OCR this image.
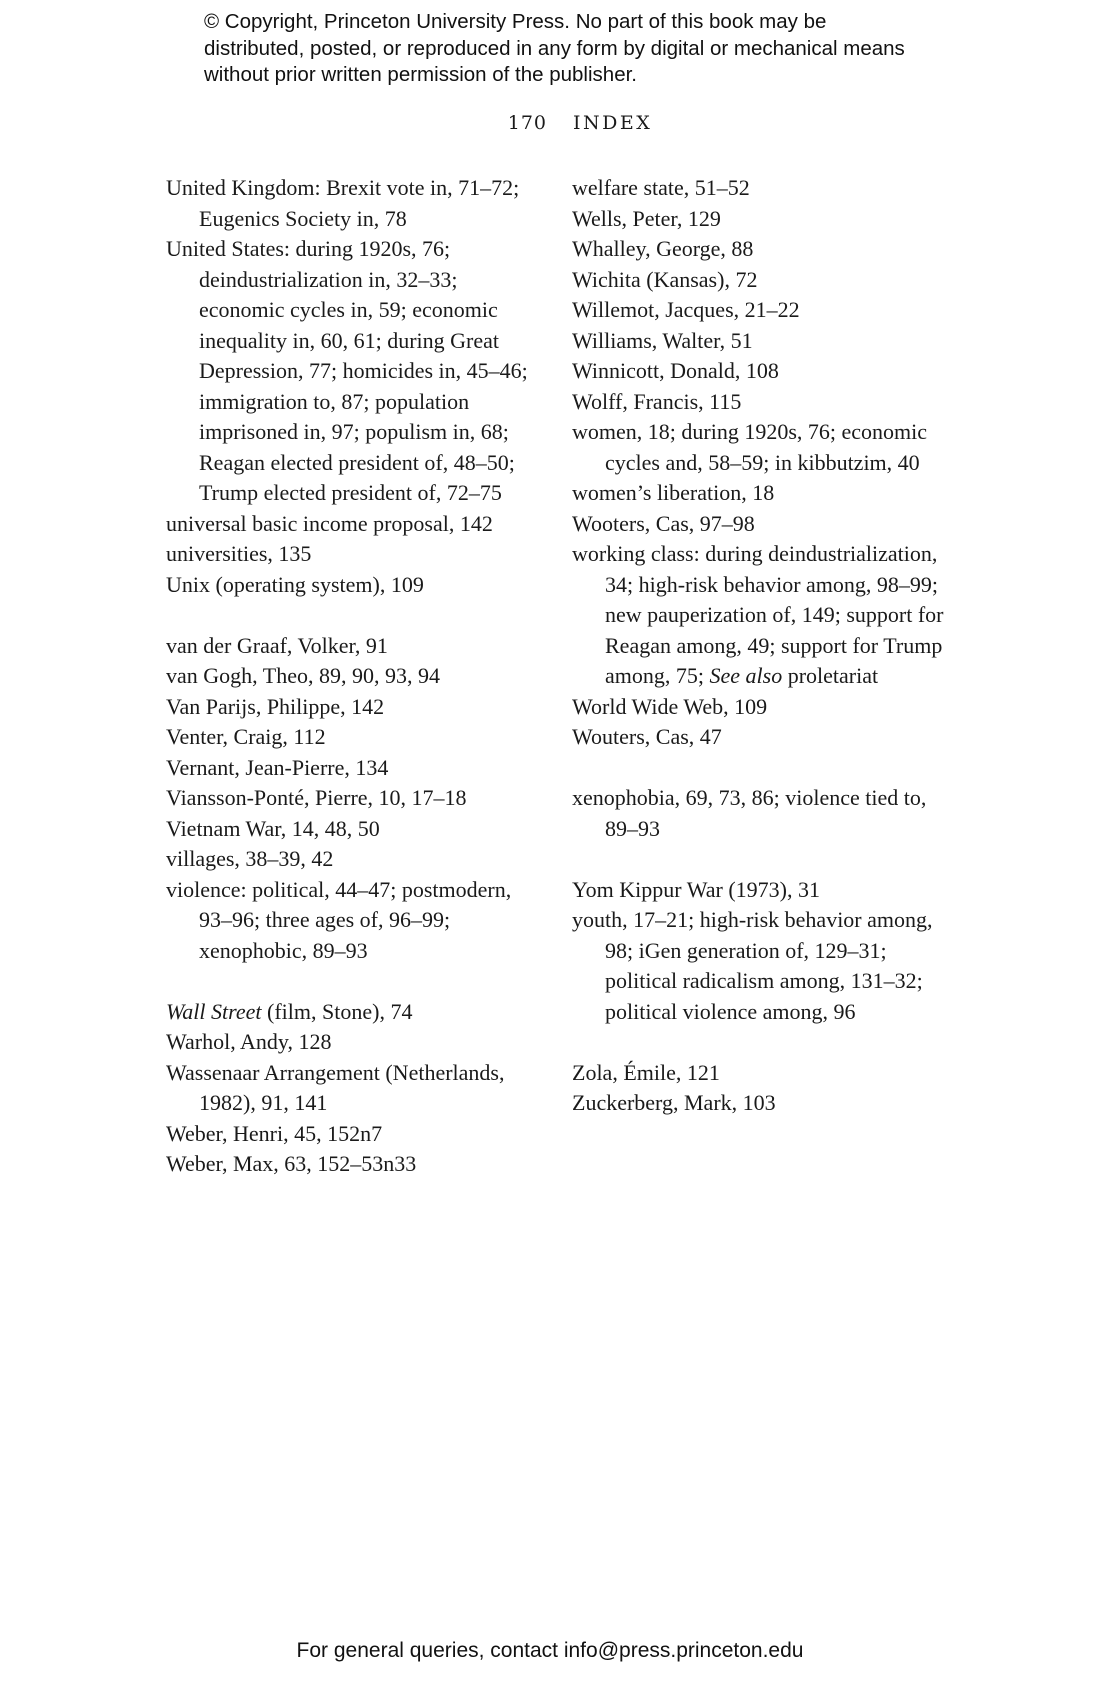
© Copyright, Princeton University Press. No part of this book may be distributed, posted, or reproduced in any form by digital or mechanical means without prior written permission of the publisher.
170 INDEX

United Kingdom: Brexit vote in, 71–72; Eugenics Society in, 78

United States: during 1920s, 76; deindustrialization in, 32–33; economic cycles in, 59; economic inequality in, 60, 61; during Great Depression, 77; homicides in, 45–46; immigration to, 87; population imprisoned in, 97; populism in, 68; Reagan elected president of, 48–50; Trump elected president of, 72–75

universal basic income proposal, 142

universities, 135

Unix (operating system), 109

van der Graaf, Volker, 91

van Gogh, Theo, 89, 90, 93, 94

Van Parijs, Philippe, 142

Venter, Craig, 112

Vernant, Jean-Pierre, 134

Viansson-Ponté, Pierre, 10, 17–18

Vietnam War, 14, 48, 50

villages, 38–39, 42

violence: political, 44–47; postmodern, 93–96; three ages of, 96–99; xenophobic, 89–93

Wall Street (film, Stone), 74

Warhol, Andy, 128

Wassenaar Arrangement (Netherlands, 1982), 91, 141

Weber, Henri, 45, 152n7

Weber, Max, 63, 152–53n33

welfare state, 51–52

Wells, Peter, 129

Whalley, George, 88

Wichita (Kansas), 72

Willemot, Jacques, 21–22

Williams, Walter, 51

Winnicott, Donald, 108

Wolff, Francis, 115

women, 18; during 1920s, 76; economic cycles and, 58–59; in kibbutzim, 40

women’s liberation, 18

Wooters, Cas, 97–98

working class: during deindustrialization, 34; high-risk behavior among, 98–99; new pauperization of, 149; support for Reagan among, 49; support for Trump among, 75; See also proletariat

World Wide Web, 109

Wouters, Cas, 47

xenophobia, 69, 73, 86; violence tied to, 89–93

Yom Kippur War (1973), 31

youth, 17–21; high-risk behavior among, 98; iGen generation of, 129–31; political radicalism among, 131–32; political violence among, 96

Zola, Émile, 121

Zuckerberg, Mark, 103

For general queries, contact info@press.princeton.edu
